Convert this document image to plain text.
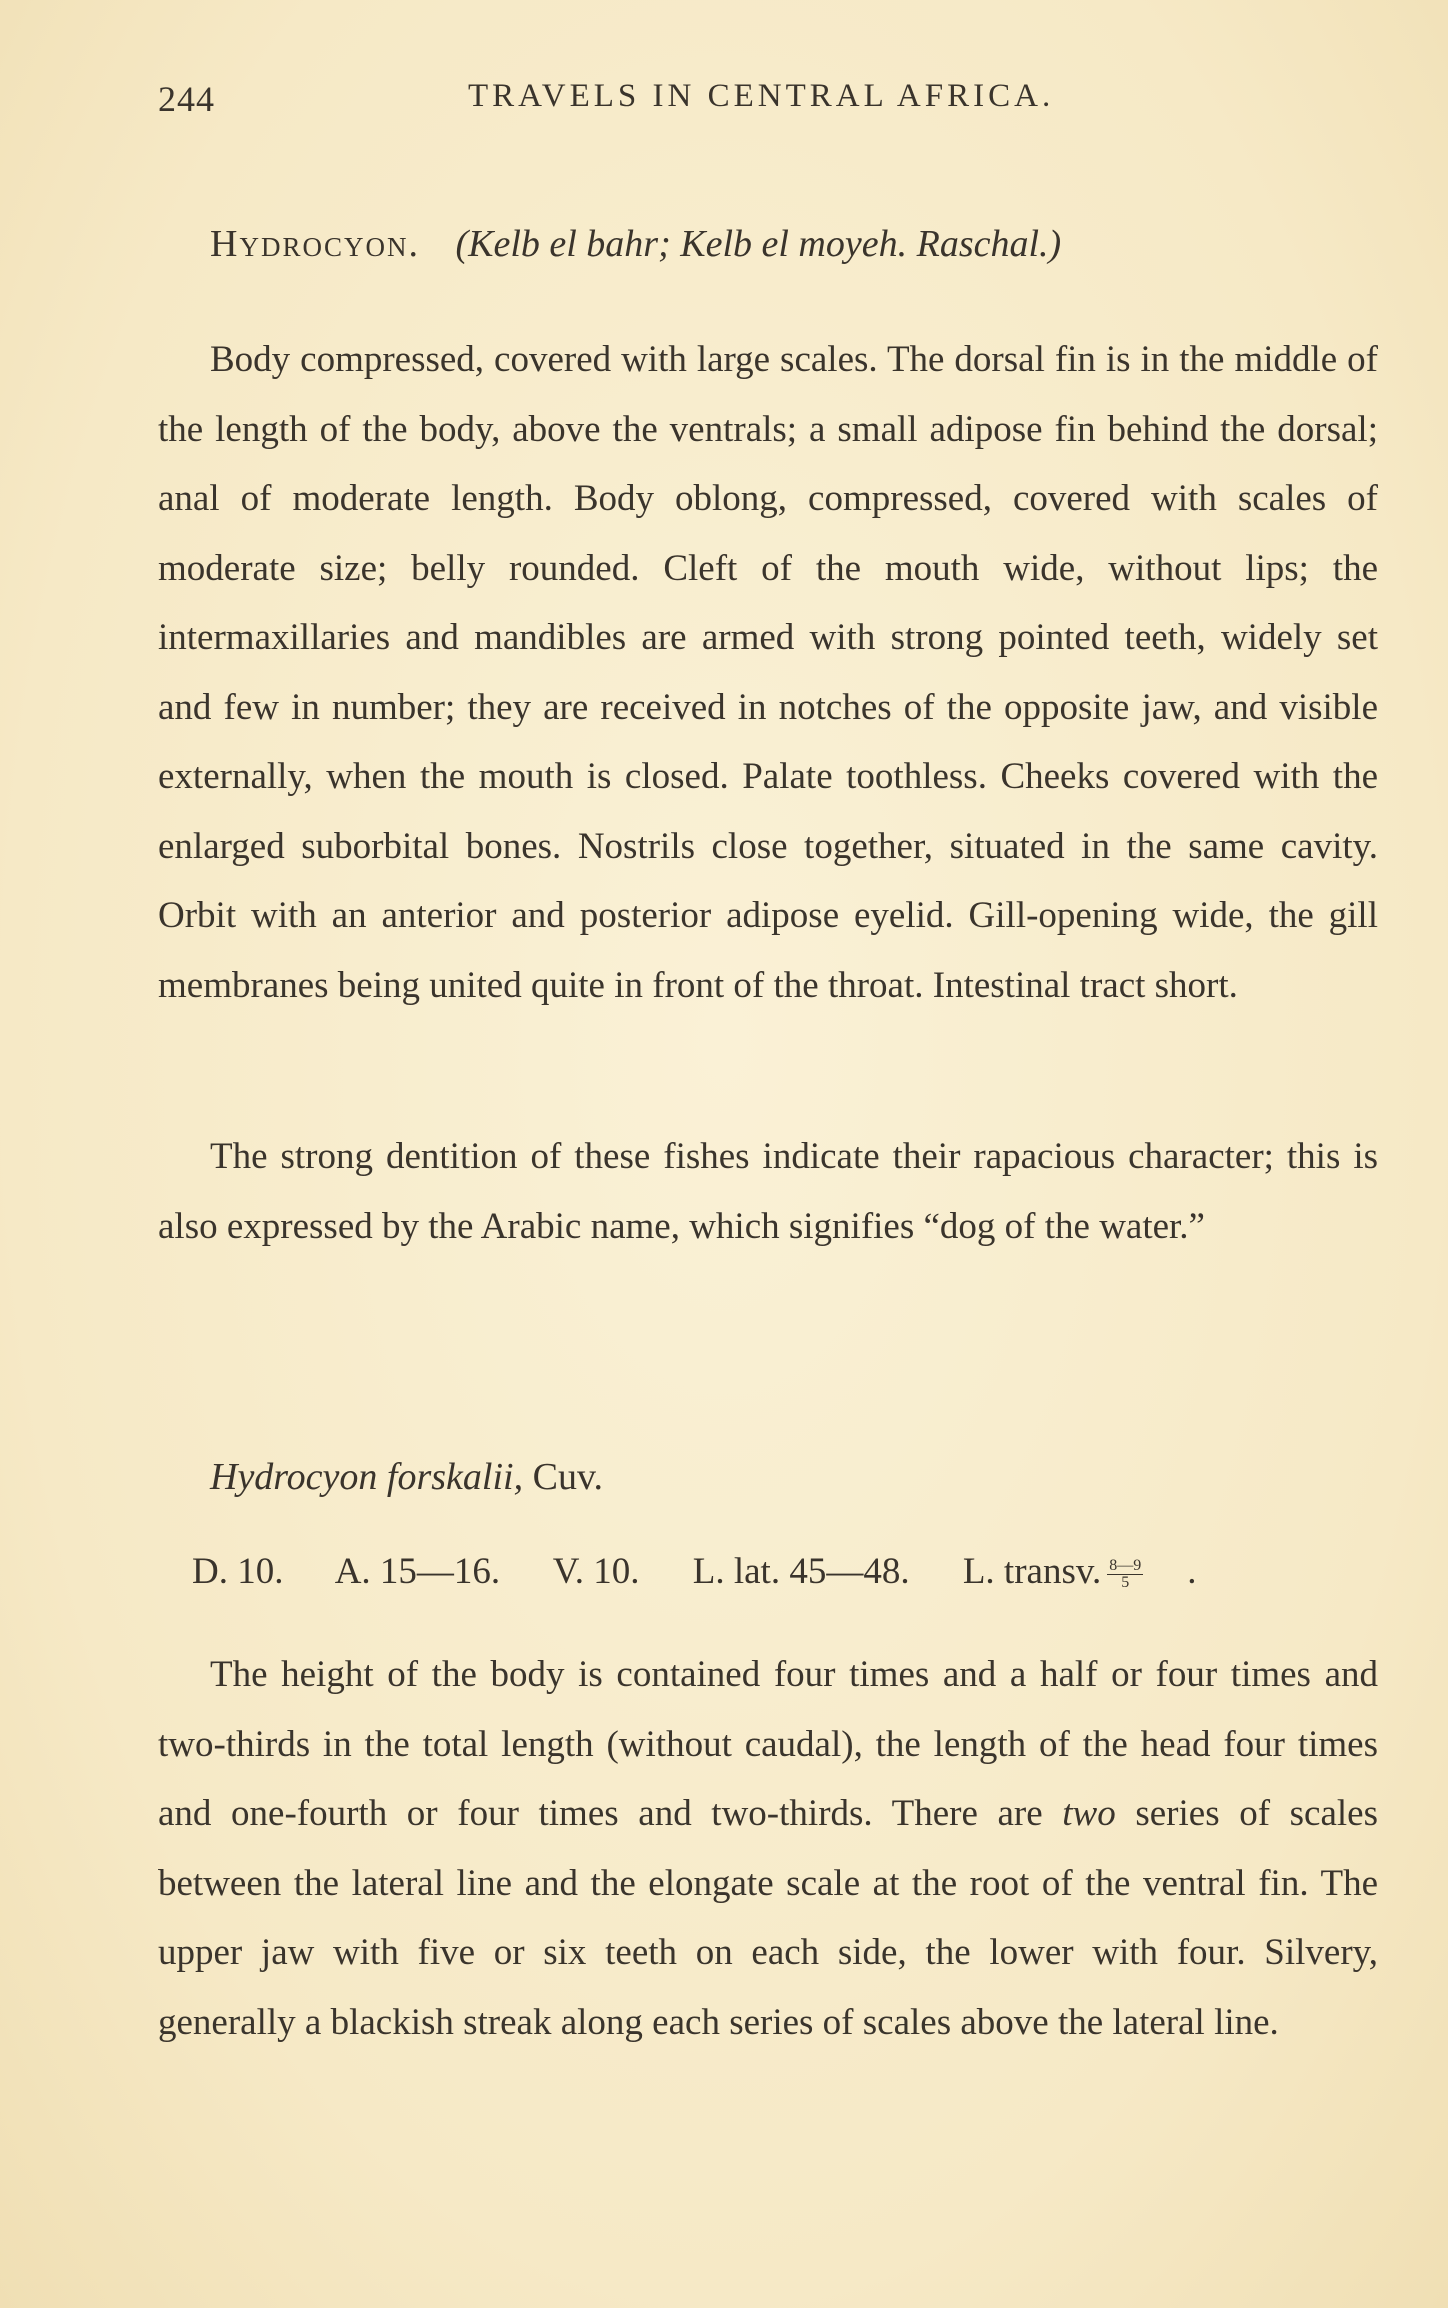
244	TRAVELS IN CENTRAL AFRICA.
Hydrocyon. (Kelb el bahr; Kelb el moyeh. Raschal.)

Body compressed, covered with large scales. The dorsal fin is in the middle of the length of the body, above the ventrals; a small adipose fin behind the dorsal; anal of moderate length. Body oblong, compressed, covered with scales of moderate size; belly rounded. Cleft of the mouth wide, without lips; the intermaxillaries and mandibles are armed with strong pointed teeth, widely set and few in number; they are received in notches of the opposite jaw, and visible externally, when the mouth is closed. Palate toothless. Cheeks covered with the enlarged suborbital bones. Nostrils close together, situated in the same cavity. Orbit with an anterior and posterior adipose eyelid. Gill-opening wide, the gill membranes being united quite in front of the throat. Intestinal tract short.

The strong dentition of these fishes indicate their rapacious character; this is also expressed by the Arabic name, which signifies “dog of the water.”

Hydrocyon forskalii, Cuv.
D. 10. A. 15—16. V. 10. L. lat. 45—48. L. transv. $\frac{8—9}{5}$ .

The height of the body is contained four times and a half or four times and two-thirds in the total length (without caudal), the length of the head four times and one-fourth or four times and two-thirds. There are two series of scales between the lateral line and the elongate scale at the root of the ventral fin. The upper jaw with five or six teeth on each side, the lower with four. Silvery, generally a blackish streak along each series of scales above the lateral line.
